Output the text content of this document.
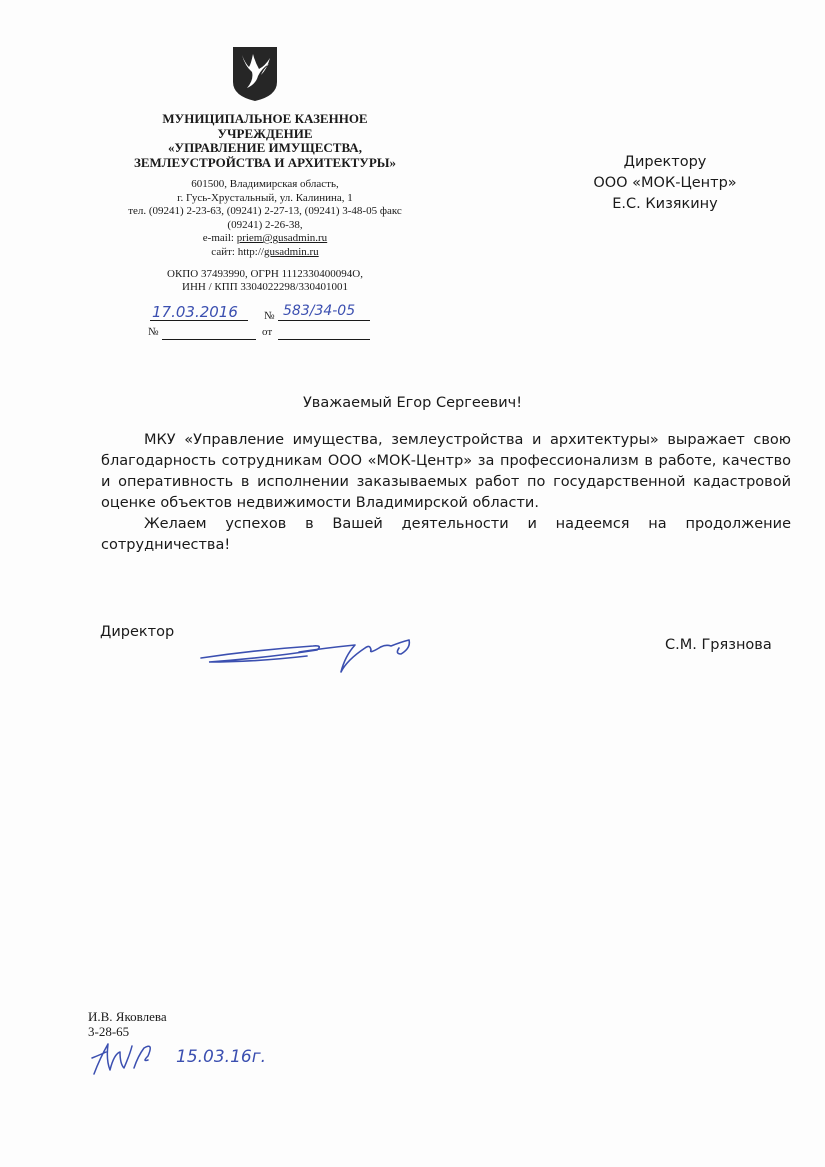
МУНИЦИПАЛЬНОЕ КАЗЕННОЕ
УЧРЕЖДЕНИЕ
«УПРАВЛЕНИЕ ИМУЩЕСТВА,
ЗЕМЛЕУСТРОЙСТВА И АРХИТЕКТУРЫ»
601500, Владимирская область,
г. Гусь-Хрустальный, ул. Калинина, 1
тел. (09241) 2-23-63, (09241) 2-27-13, (09241) 3-48-05 факс
(09241) 2-26-38,
e-mail: priem@gusadmin.ru
сайт: http://gusadmin.ru
ОКПО 37493990, ОГРН 1112330400094О,
ИНН / КПП 3304022298/330401001
17.03.2016 № 583/34-05
№	от
Директору
ООО «МОК-Центр»
Е.С. Кизякину
Уважаемый Егор Сергеевич!

МКУ «Управление имущества, землеустройства и архитектуры» выражает свою благодарность сотрудникам ООО «МОК-Центр» за профессионализм в работе, качество и оперативность в исполнении заказываемых работ по государственной кадастровой оценке объектов недвижимости Владимирской области.

Желаем успехов в Вашей деятельности и надеемся на продолжение сотрудничества!

Директор
С.М. Грязнова
И.В. Яковлева
3-28-65
15.03.16г.
